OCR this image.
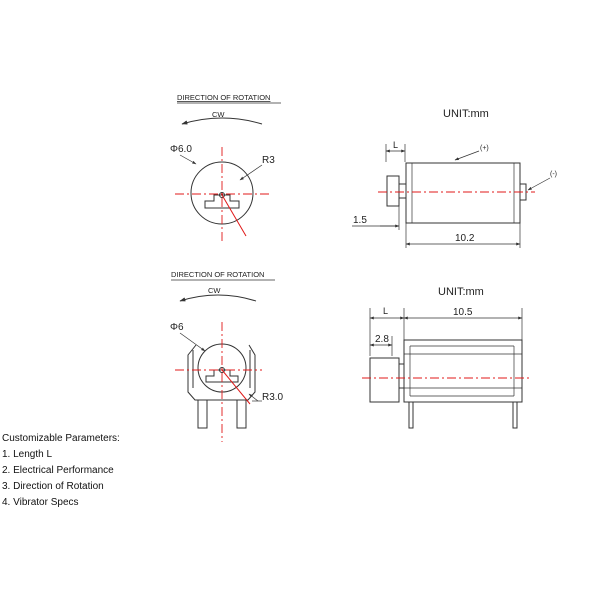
DIRECTION OF ROTATION
CW
Φ6.0
R3
UNIT:mm
L	(+)
(-)
1.5
10.2
DIRECTION OF ROTATION
CW
Φ6
R3.0
UNIT:mm
L	10.5
2.8
Customizable Parameters:
1. Length L
2. Electrical Performance
3. Direction of Rotation
4. Vibrator Specs
